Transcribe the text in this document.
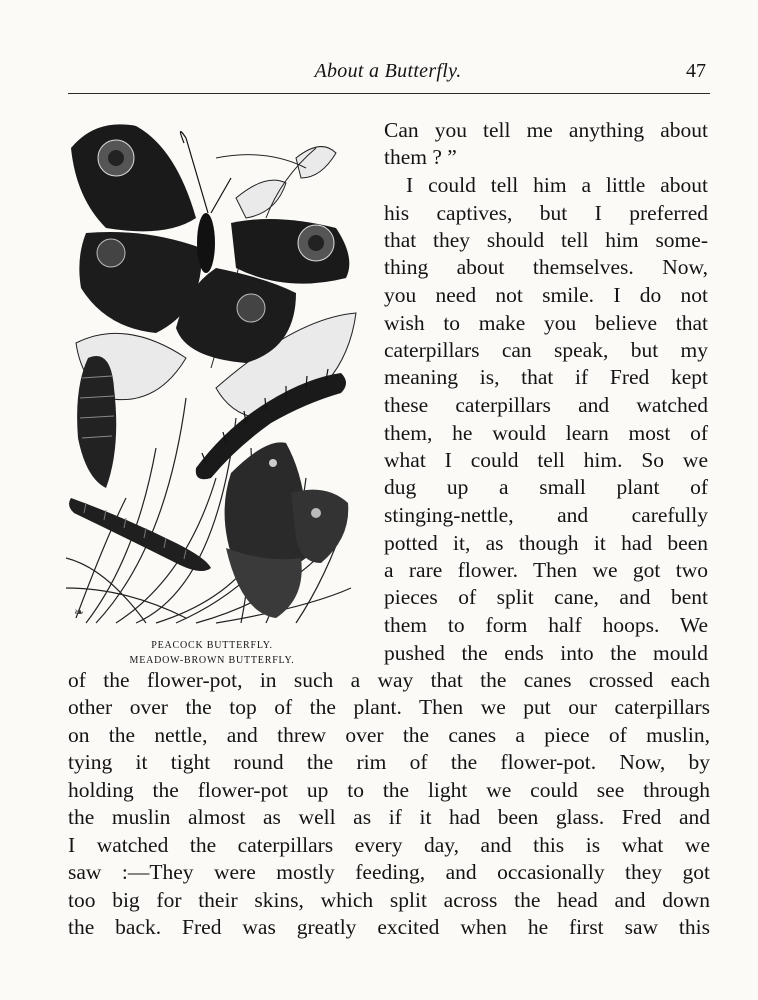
About a Butterfly.	47
❧
PEACOCK BUTTERFLY.
MEADOW-BROWN BUTTERFLY.
Can you tell me anything about
them ? ”
I could tell him a little about
his captives, but I preferred
that they should tell him some-
thing about themselves. Now,
you need not smile. I do not
wish to make you believe that
caterpillars can speak, but my
meaning is, that if Fred kept
these caterpillars and watched
them, he would learn most of
what I could tell him. So we
dug up a small plant of
stinging-nettle, and carefully
potted it, as though it had been
a rare flower. Then we got two
pieces of split cane, and bent
them to form half hoops. We
pushed the ends into the mould
of the flower-pot, in such a way that the canes crossed each
other over the top of the plant. Then we put our caterpillars
on the nettle, and threw over the canes a piece of muslin,
tying it tight round the rim of the flower-pot. Now, by
holding the flower-pot up to the light we could see through
the muslin almost as well as if it had been glass. Fred and
I watched the caterpillars every day, and this is what we
saw :—They were mostly feeding, and occasionally they got
too big for their skins, which split across the head and down
the back. Fred was greatly excited when he first saw this
